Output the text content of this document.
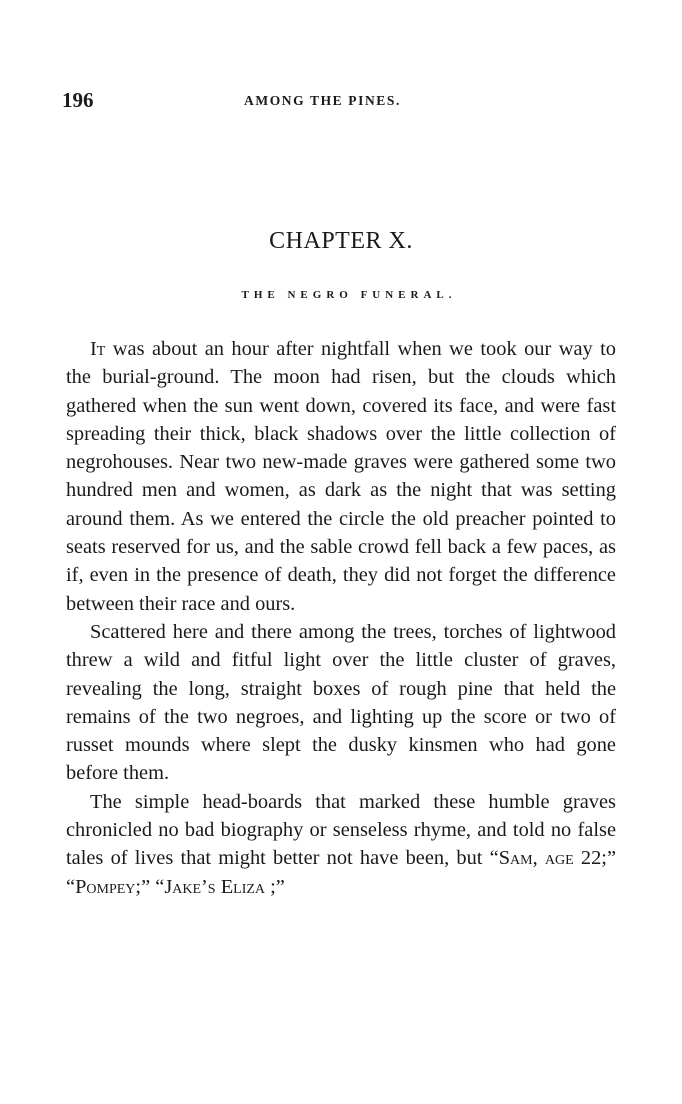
196	AMONG THE PINES.
CHAPTER X.
THE NEGRO FUNERAL.

It was about an hour after nightfall when we took our way to the burial-ground. The moon had risen, but the clouds which gathered when the sun went down, covered its face, and were fast spreading their thick, black shadows over the little collection of negrohouses. Near two new-made graves were gathered some two hundred men and women, as dark as the night that was setting around them. As we entered the circle the old preacher pointed to seats reserved for us, and the sable crowd fell back a few paces, as if, even in the presence of death, they did not forget the difference between their race and ours.

Scattered here and there among the trees, torches of lightwood threw a wild and fitful light over the little cluster of graves, revealing the long, straight boxes of rough pine that held the remains of the two negroes, and lighting up the score or two of russet mounds where slept the dusky kinsmen who had gone before them.

The simple head-boards that marked these humble graves chronicled no bad biography or senseless rhyme, and told no false tales of lives that might better not have been, but “Sam, age 22;” “Pompey;” “Jake’s Eliza ;”
